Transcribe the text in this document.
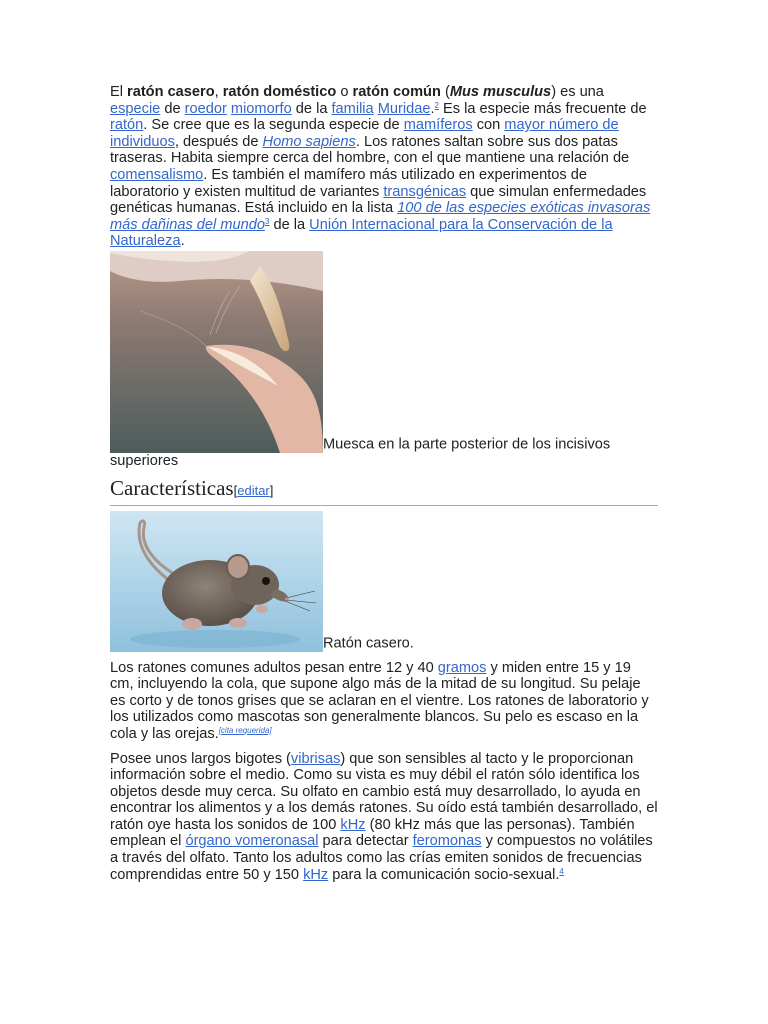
El ratón casero, ratón doméstico o ratón común (Mus musculus) es una especie de roedor miomorfo de la familia Muridae.$^2$ Es la especie más frecuente de ratón. Se cree que es la segunda especie de mamíferos con mayor número de individuos, después de Homo sapiens. Los ratones saltan sobre sus dos patas traseras. Habita siempre cerca del hombre, con el que mantiene una relación de comensalismo. Es también el mamífero más utilizado en experimentos de laboratorio y existen multitud de variantes transgénicas que simulan enfermedades genéticas humanas. Está incluido en la lista 100 de las especies exóticas invasoras más dañinas del mundo$^3$ de la Unión Internacional para la Conservación de la Naturaleza.

Muesca en la parte posterior de los incisivos superiores

Características[editar]

Ratón casero.

Los ratones comunes adultos pesan entre 12 y 40 gramos y miden entre 15 y 19 cm, incluyendo la cola, que supone algo más de la mitad de su longitud. Su pelaje es corto y de tonos grises que se aclaran en el vientre. Los ratones de laboratorio y los utilizados como mascotas son generalmente blancos. Su pelo es escaso en la cola y las orejas.[cita requerida]

Posee unos largos bigotes (vibrisas) que son sensibles al tacto y le proporcionan información sobre el medio. Como su vista es muy débil el ratón sólo identifica los objetos desde muy cerca. Su olfato en cambio está muy desarrollado, lo ayuda en encontrar los alimentos y a los demás ratones. Su oído está también desarrollado, el ratón oye hasta los sonidos de 100 kHz (80 kHz más que las personas). También emplean el órgano vomeronasal para detectar feromonas y compuestos no volátiles a través del olfato. Tanto los adultos como las crías emiten sonidos de frecuencias comprendidas entre 50 y 150 kHz para la comunicación socio-sexual.$^4$
